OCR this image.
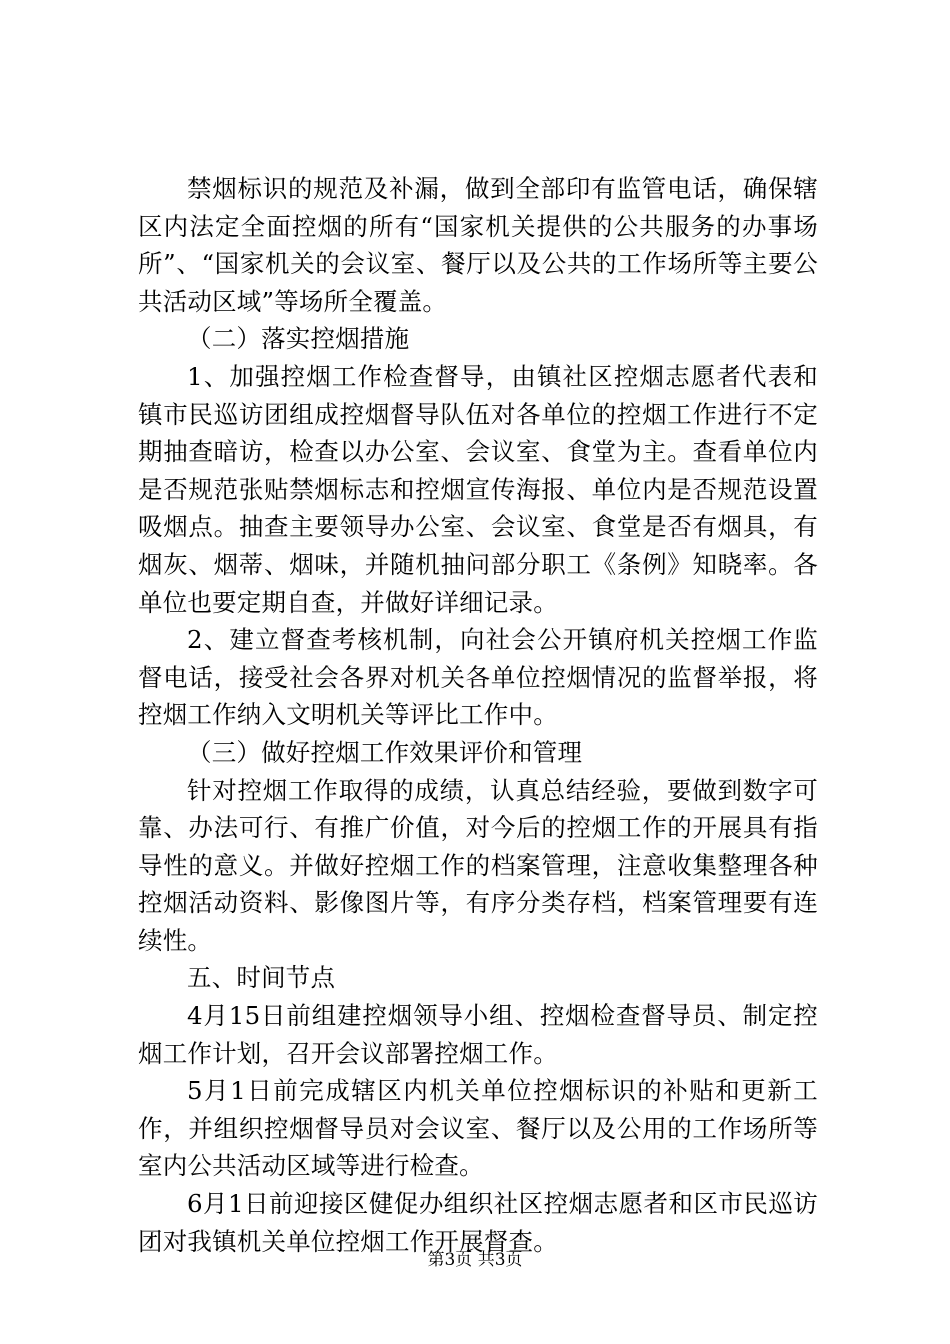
禁烟标识的规范及补漏，做到全部印有监管电话，确保辖区内法定全面控烟的所有“国家机关提供的公共服务的办事场所”、“国家机关的会议室、餐厅以及公共的工作场所等主要公共活动区域”等场所全覆盖。

（二）落实控烟措施

1、加强控烟工作检查督导，由镇社区控烟志愿者代表和镇市民巡访团组成控烟督导队伍对各单位的控烟工作进行不定期抽查暗访，检查以办公室、会议室、食堂为主。查看单位内是否规范张贴禁烟标志和控烟宣传海报、单位内是否规范设置吸烟点。抽查主要领导办公室、会议室、食堂是否有烟具，有烟灰、烟蒂、烟味，并随机抽问部分职工《条例》知晓率。各单位也要定期自查，并做好详细记录。

2、建立督查考核机制，向社会公开镇府机关控烟工作监督电话，接受社会各界对机关各单位控烟情况的监督举报，将控烟工作纳入文明机关等评比工作中。

（三）做好控烟工作效果评价和管理

针对控烟工作取得的成绩，认真总结经验，要做到数字可靠、办法可行、有推广价值，对今后的控烟工作的开展具有指导性的意义。并做好控烟工作的档案管理，注意收集整理各种控烟活动资料、影像图片等，有序分类存档，档案管理要有连续性。

五、时间节点

4月15日前组建控烟领导小组、控烟检查督导员、制定控烟工作计划，召开会议部署控烟工作。

5月1日前完成辖区内机关单位控烟标识的补贴和更新工作，并组织控烟督导员对会议室、餐厅以及公用的工作场所等室内公共活动区域等进行检查。

6月1日前迎接区健促办组织社区控烟志愿者和区市民巡访团对我镇机关单位控烟工作开展督查。

第3页 共3页
